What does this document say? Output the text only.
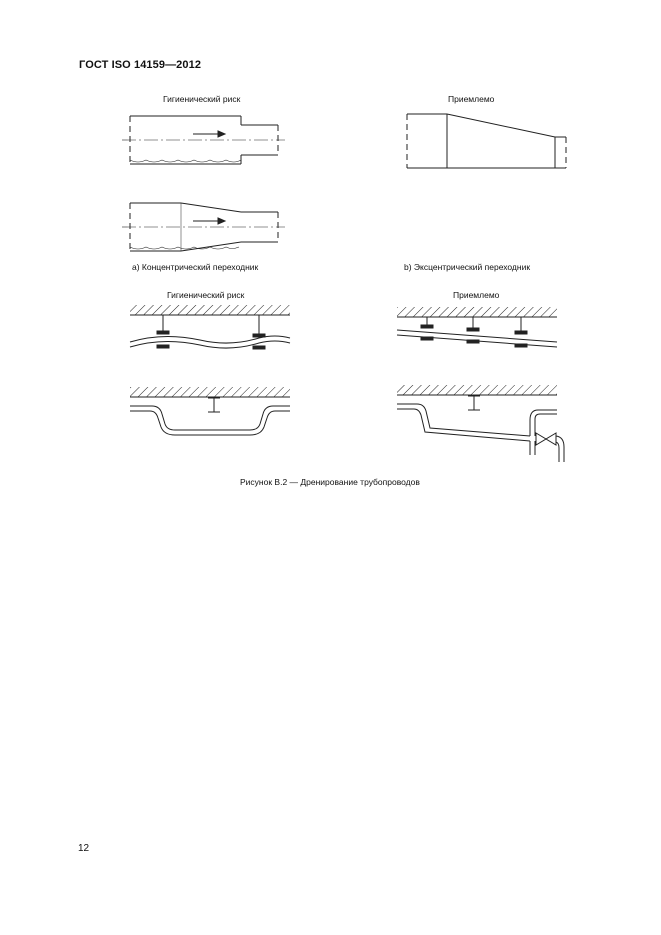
ГОСТ ISO 14159—2012
Гигиенический риск	Приемлемо
а) Концентрический переходник	b) Эксцентрический переходник
Гигиенический риск	Приемлемо
Рисунок В.2 — Дренирование трубопроводов
12
